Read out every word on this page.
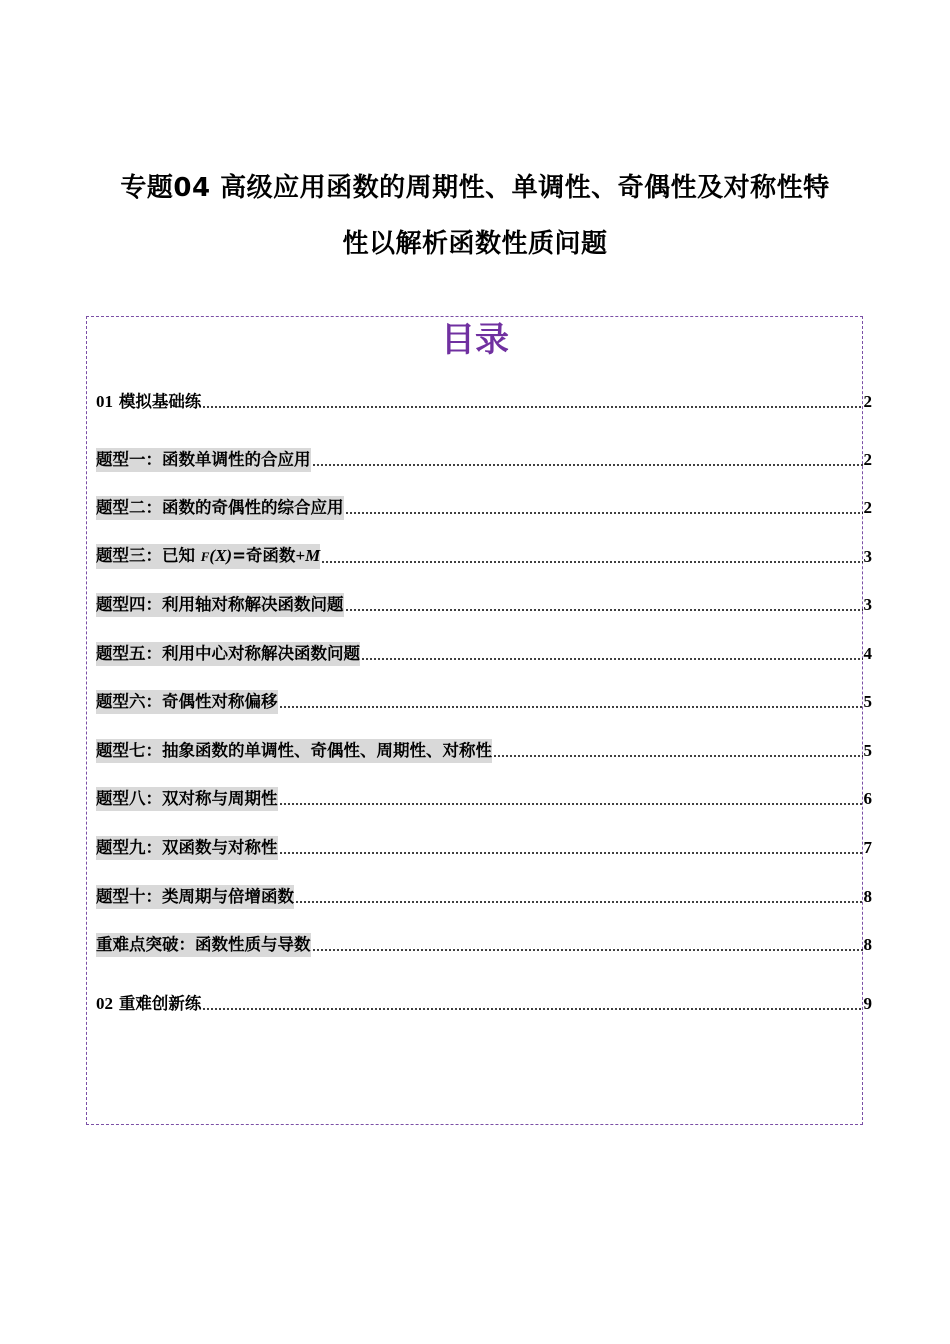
专题04 高级应用函数的周期性、单调性、奇偶性及对称性特
性以解析函数性质问题
目录
01 模拟基础练	2
题型一：函数单调性的合应用	2
题型二：函数的奇偶性的综合应用	2
题型三：已知 F(X)=奇函数+M	3
题型四：利用轴对称解决函数问题	3
题型五：利用中心对称解决函数问题	4
题型六：奇偶性对称偏移	5
题型七：抽象函数的单调性、奇偶性、周期性、对称性	5
题型八：双对称与周期性	6
题型九：双函数与对称性	7
题型十：类周期与倍增函数	8
重难点突破：函数性质与导数	8
02 重难创新练	9
